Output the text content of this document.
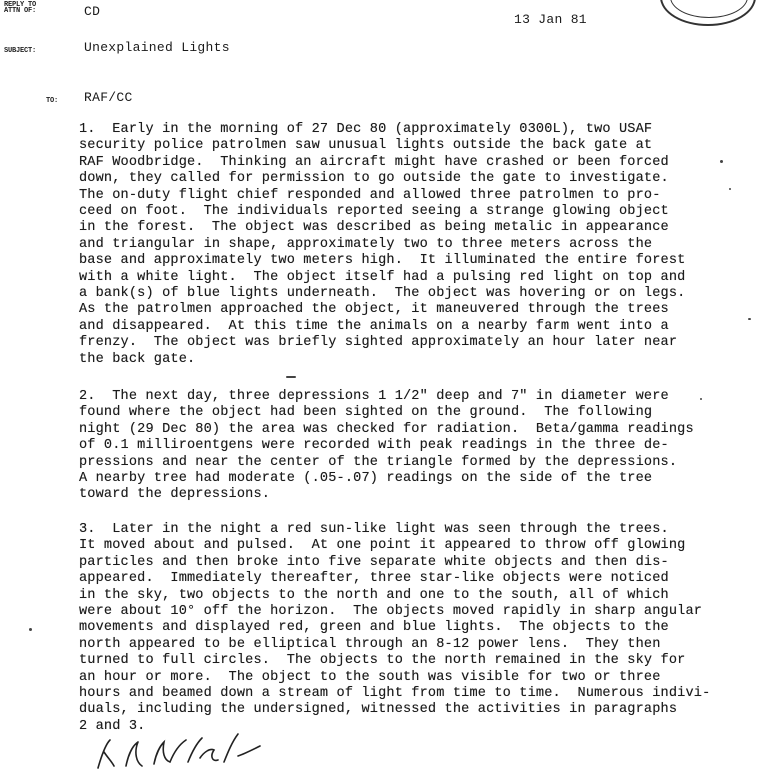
REPLY TO
ATTN OF:	CD
13 Jan 81
SUBJECT:	Unexplained Lights
TO: RAF/CC
1.  Early in the morning of 27 Dec 80 (approximately 0300L), two USAF
security police patrolmen saw unusual lights outside the back gate at
RAF Woodbridge.  Thinking an aircraft might have crashed or been forced
down, they called for permission to go outside the gate to investigate.
The on-duty flight chief responded and allowed three patrolmen to pro-
ceed on foot.  The individuals reported seeing a strange glowing object
in the forest.  The object was described as being metalic in appearance
and triangular in shape, approximately two to three meters across the
base and approximately two meters high.  It illuminated the entire forest
with a white light.  The object itself had a pulsing red light on top and
a bank(s) of blue lights underneath.  The object was hovering or on legs.
As the patrolmen approached the object, it maneuvered through the trees
and disappeared.  At this time the animals on a nearby farm went into a
frenzy.  The object was briefly sighted approximately an hour later near
the back gate.
2.  The next day, three depressions 1 1/2" deep and 7" in diameter were
found where the object had been sighted on the ground.  The following
night (29 Dec 80) the area was checked for radiation.  Beta/gamma readings
of 0.1 milliroentgens were recorded with peak readings in the three de-
pressions and near the center of the triangle formed by the depressions.
A nearby tree had moderate (.05-.07) readings on the side of the tree
toward the depressions.
3.  Later in the night a red sun-like light was seen through the trees.
It moved about and pulsed.  At one point it appeared to throw off glowing
particles and then broke into five separate white objects and then dis-
appeared.  Immediately thereafter, three star-like objects were noticed
in the sky, two objects to the north and one to the south, all of which
were about 10° off the horizon.  The objects moved rapidly in sharp angular
movements and displayed red, green and blue lights.  The objects to the
north appeared to be elliptical through an 8-12 power lens.  They then
turned to full circles.  The objects to the north remained in the sky for
an hour or more.  The object to the south was visible for two or three
hours and beamed down a stream of light from time to time.  Numerous indivi-
duals, including the undersigned, witnessed the activities in paragraphs
2 and 3.
